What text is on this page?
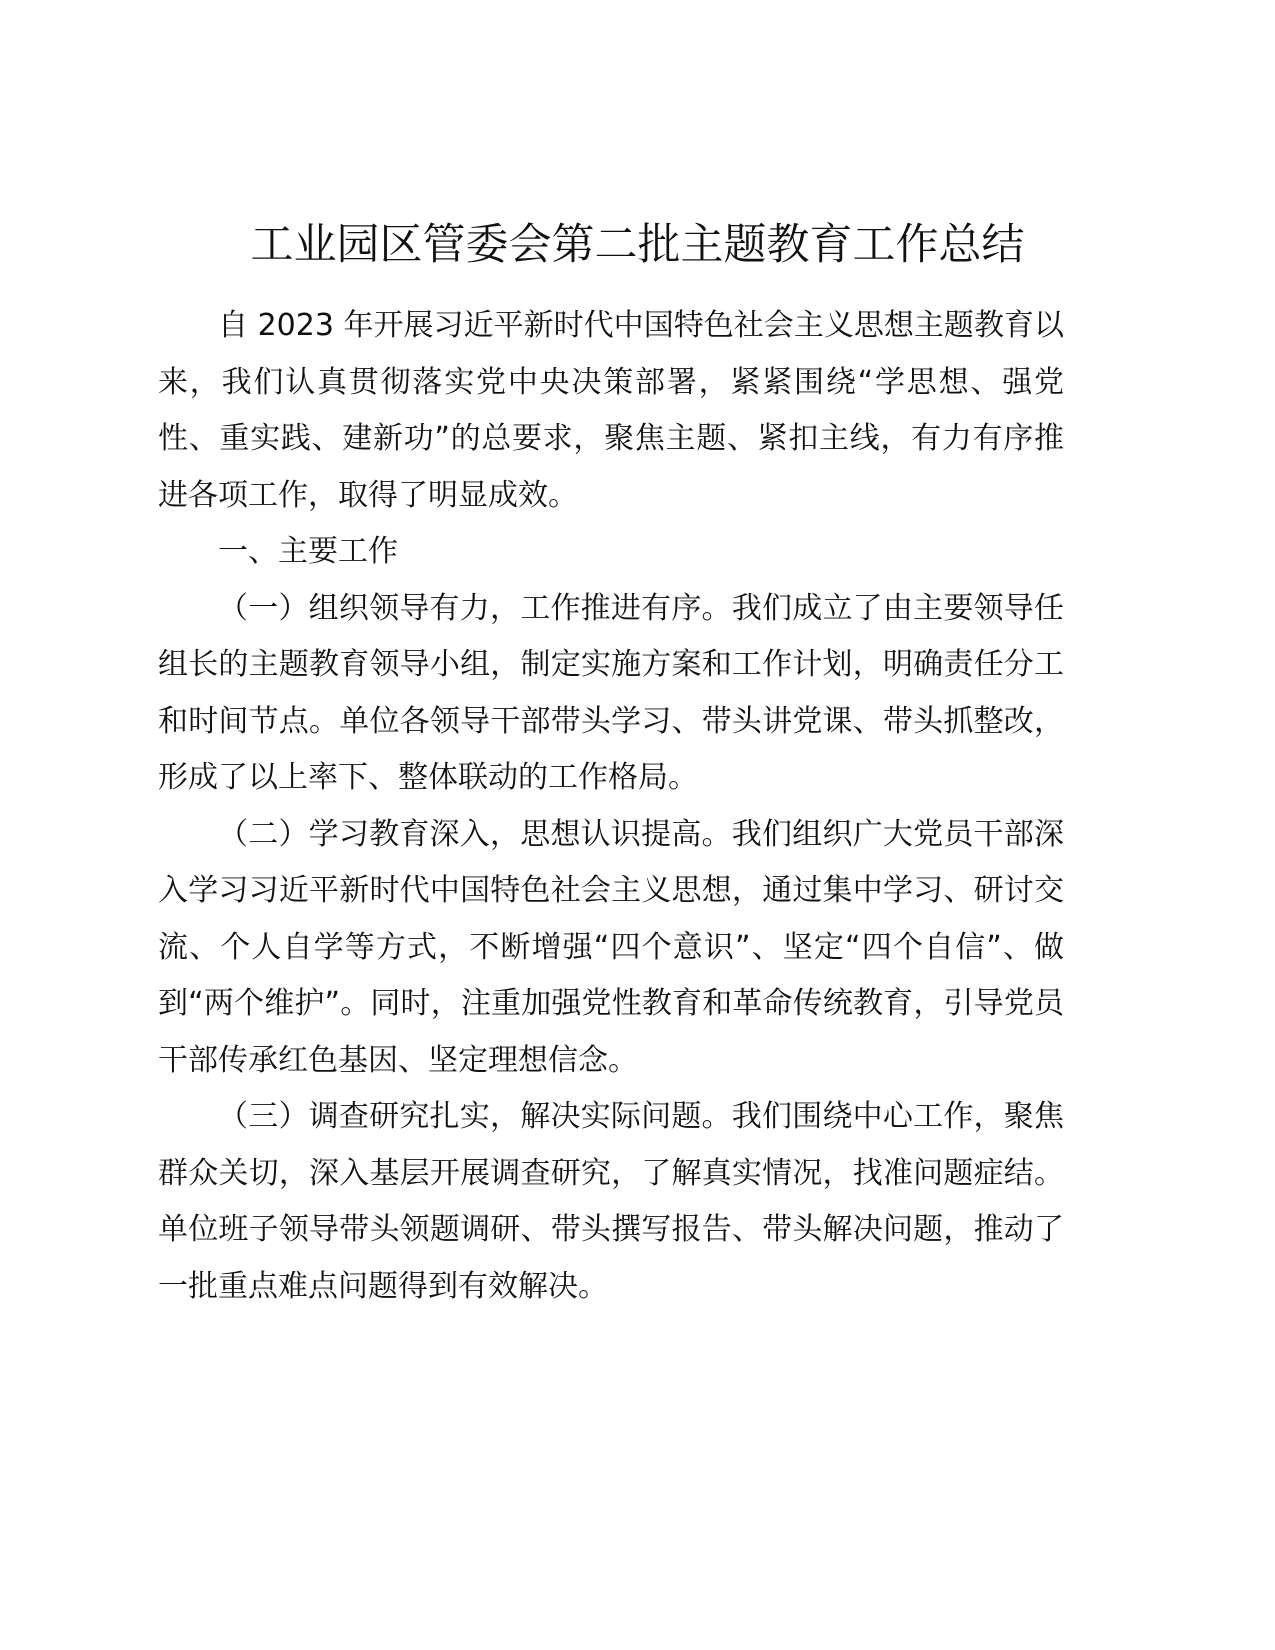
工业园区管委会第二批主题教育工作总结

自 2023 年开展习近平新时代中国特色社会主义思想主题教育以来，我们认真贯彻落实党中央决策部署，紧紧围绕“学思想、强党性、重实践、建新功”的总要求，聚焦主题、紧扣主线，有力有序推进各项工作，取得了明显成效。

一、主要工作

（一）组织领导有力，工作推进有序。我们成立了由主要领导任组长的主题教育领导小组，制定实施方案和工作计划，明确责任分工和时间节点。单位各领导干部带头学习、带头讲党课、带头抓整改，形成了以上率下、整体联动的工作格局。

（二）学习教育深入，思想认识提高。我们组织广大党员干部深入学习习近平新时代中国特色社会主义思想，通过集中学习、研讨交流、个人自学等方式，不断增强“四个意识”、坚定“四个自信”、做到“两个维护”。同时，注重加强党性教育和革命传统教育，引导党员干部传承红色基因、坚定理想信念。

（三）调查研究扎实，解决实际问题。我们围绕中心工作，聚焦群众关切，深入基层开展调查研究，了解真实情况，找准问题症结。单位班子领导带头领题调研、带头撰写报告、带头解决问题，推动了一批重点难点问题得到有效解决。
